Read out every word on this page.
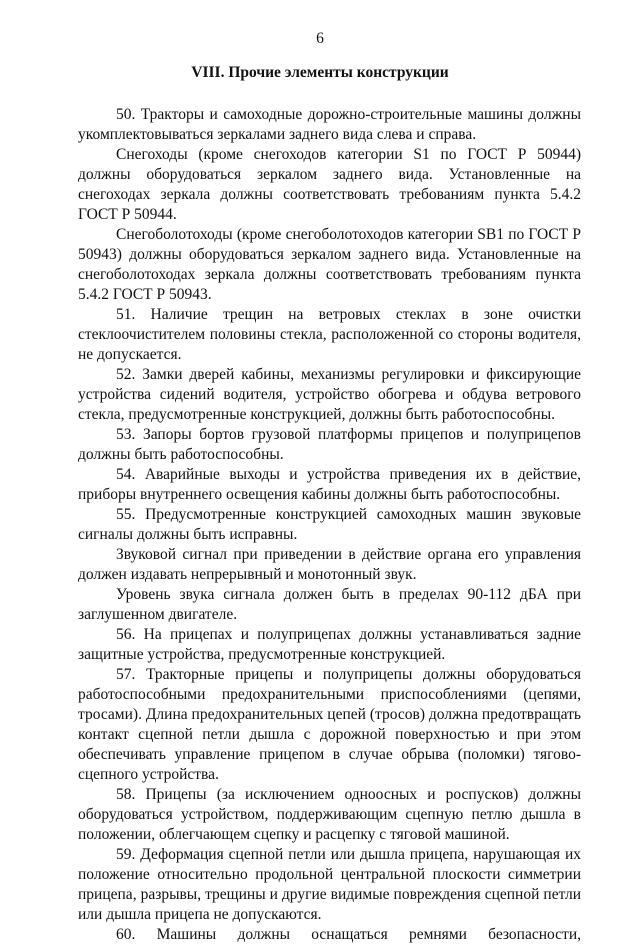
6
VIII. Прочие элементы конструкции

50. Тракторы и самоходные дорожно-строительные машины должны укомплектовываться зеркалами заднего вида слева и справа.

Снегоходы (кроме снегоходов категории S1 по ГОСТ Р 50944) должны оборудоваться зеркалом заднего вида. Установленные на снегоходах зеркала должны соответствовать требованиям пункта 5.4.2 ГОСТ Р 50944.

Снегоболотоходы (кроме снегоболотоходов категории SB1 по ГОСТ Р 50943) должны оборудоваться зеркалом заднего вида. Установленные на снегоболотоходах зеркала должны соответствовать требованиям пункта 5.4.2 ГОСТ Р 50943.

51. Наличие трещин на ветровых стеклах в зоне очистки стеклоочистителем половины стекла, расположенной со стороны водителя, не допускается.

52. Замки дверей кабины, механизмы регулировки и фиксирующие устройства сидений водителя, устройство обогрева и обдува ветрового стекла, предусмотренные конструкцией, должны быть работоспособны.

53. Запоры бортов грузовой платформы прицепов и полуприцепов должны быть работоспособны.

54. Аварийные выходы и устройства приведения их в действие, приборы внутреннего освещения кабины должны быть работоспособны.

55. Предусмотренные конструкцией самоходных машин звуковые сигналы должны быть исправны.

Звуковой сигнал при приведении в действие органа его управления должен издавать непрерывный и монотонный звук.

Уровень звука сигнала должен быть в пределах 90-112 дБА при заглушенном двигателе.

56. На прицепах и полуприцепах должны устанавливаться задние защитные устройства, предусмотренные конструкцией.

57. Тракторные прицепы и полуприцепы должны оборудоваться работоспособными предохранительными приспособлениями (цепями, тросами). Длина предохранительных цепей (тросов) должна предотвращать контакт сцепной петли дышла с дорожной поверхностью и при этом обеспечивать управление прицепом в случае обрыва (поломки) тягово-сцепного устройства.

58. Прицепы (за исключением одноосных и роспусков) должны оборудоваться устройством, поддерживающим сцепную петлю дышла в положении, облегчающем сцепку и расцепку с тяговой машиной.

59. Деформация сцепной петли или дышла прицепа, нарушающая их положение относительно продольной центральной плоскости симметрии прицепа, разрывы, трещины и другие видимые повреждения сцепной петли или дышла прицепа не допускаются.

60. Машины должны оснащаться ремнями безопасности,
